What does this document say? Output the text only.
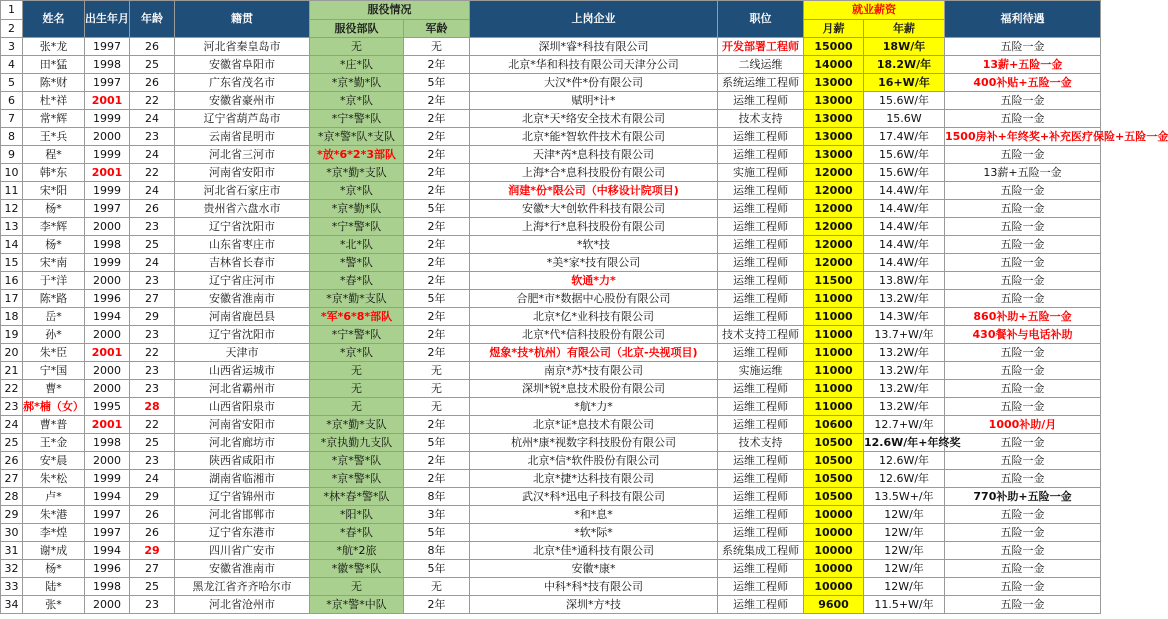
1	姓名	出生年月	年龄	籍贯	服役情况		上岗企业	职位	就业薪资		福利待遇
2					服役部队	军龄			月薪	年薪	
3	张*龙	1997	26	河北省秦皇岛市	无	无	深圳*睿*科技有限公司	开发部署工程师	15000	18W/年	五险一金
4	田*猛	1998	25	安徽省阜阳市	*庄*队	2年	北京*华和科技有限公司天津分公司	二线运维	14000	18.2W/年	13薪+五险一金
5	陈*财	1997	26	广东省茂名市	*京*勤*队	5年	大汉*件*份有限公司	系统运维工程师	13000	16+W/年	400补贴+五险一金
6	杜*祥	2001	22	安徽省豪州市	*京*队	2年	赋明*计*	运维工程师	13000	15.6W/年	五险一金
7	常*辉	1999	24	辽宁省葫芦岛市	*宁*警*队	2年	北京*天*络安全技术有限公司	技术支持	13000	15.6W	五险一金
8	王*兵	2000	23	云南省昆明市	*京*警*队*支队	2年	北京*能*智软件技术有限公司	运维工程师	13000	17.4W/年	1500房补+年终奖+补充医疗保险+五险一金
9	程*	1999	24	河北省三河市	*放*6*2*3部队	2年	天津*芮*息科技有限公司	运维工程师	13000	15.6W/年	五险一金
10	韩*东	2001	22	河南省安阳市	*京*勤*支队	2年	上海*合*息科技股份有限公司	实施工程师	12000	15.6W/年	13薪+五险一金
11	宋*阳	1999	24	河北省石家庄市	*京*队	2年	润建*份*限公司（中移设计院项目)	运维工程师	12000	14.4W/年	五险一金
12	杨*	1997	26	贵州省六盘水市	*京*勤*队	5年	安徽*大*创软件科技有限公司	运维工程师	12000	14.4W/年	五险一金
13	李*辉	2000	23	辽宁省沈阳市	*宁*警*队	2年	上海*行*息科技股份有限公司	运维工程师	12000	14.4W/年	五险一金
14	杨*	1998	25	山东省枣庄市	*北*队	2年	*软*技	运维工程师	12000	14.4W/年	五险一金
15	宋*南	1999	24	吉林省长春市	*警*队	2年	*美*家*技有限公司	运维工程师	12000	14.4W/年	五险一金
16	于*洋	2000	23	辽宁省庄河市	*春*队	2年	软通*力*	运维工程师	11500	13.8W/年	五险一金
17	陈*路	1996	27	安徽省淮南市	*京*勤*支队	5年	合肥*市*数据中心股份有限公司	运维工程师	11000	13.2W/年	五险一金
18	岳*	1994	29	河南省鹿邑县	*军*6*8*部队	2年	北京*亿*业科技有限公司	运维工程师	11000	14.3W/年	860补助+五险一金
19	孙*	2000	23	辽宁省沈阳市	*宁*警*队	2年	北京*代*信科技股份有限公司	技术支持工程师	11000	13.7+W/年	430餐补与电话补助
20	朱*臣	2001	22	天津市	*京*队	2年	煜象*技*杭州）有限公司（北京-央视项目)	运维工程师	11000	13.2W/年	五险一金
21	宁*国	2000	23	山西省运城市	无	无	南京*苏*技有限公司	实施运维	11000	13.2W/年	五险一金
22	曹*	2000	23	河北省霸州市	无	无	深圳*锐*息技术股份有限公司	运维工程师	11000	13.2W/年	五险一金
23	郝*楠（女）	1995	28	山西省阳泉市	无	无	*航*力*	运维工程师	11000	13.2W/年	五险一金
24	曹*普	2001	22	河南省安阳市	*京*勤*支队	2年	北京*证*息技术有限公司	运维工程师	10600	12.7+W/年	1000补助/月
25	王*金	1998	25	河北省廊坊市	*京执勤九支队	5年	杭州*康*视数字科技股份有限公司	技术支持	10500	12.6W/年+年终奖	五险一金
26	安*晨	2000	23	陕西省咸阳市	*京*警*队	2年	北京*信*软件股份有限公司	运维工程师	10500	12.6W/年	五险一金
27	朱*松	1999	24	湖南省临湘市	*京*警*队	2年	北京*捷*达科技有限公司	运维工程师	10500	12.6W/年	五险一金
28	卢*	1994	29	辽宁省锦州市	*林*春*警*队	8年	武汉*科*迅电子科技有限公司	运维工程师	10500	13.5W+/年	770补助+五险一金
29	朱*港	1997	26	河北省邯郸市	*阳*队	3年	*和*息*	运维工程师	10000	12W/年	五险一金
30	李*煌	1997	26	辽宁省东港市	*春*队	5年	*软*际*	运维工程师	10000	12W/年	五险一金
31	谢*成	1994	29	四川省广安市	*航*2旅	8年	北京*佳*通科技有限公司	系统集成工程师	10000	12W/年	五险一金
32	杨*	1996	27	安徽省淮南市	*徽*警*队	5年	安徽*康*	运维工程师	10000	12W/年	五险一金
33	陆*	1998	25	黑龙江省齐齐哈尔市	无	无	中科*科*技有限公司	运维工程师	10000	12W/年	五险一金
34	张*	2000	23	河北省沧州市	*京*警*中队	2年	深圳*方*技	运维工程师	9600	11.5+W/年	五险一金
